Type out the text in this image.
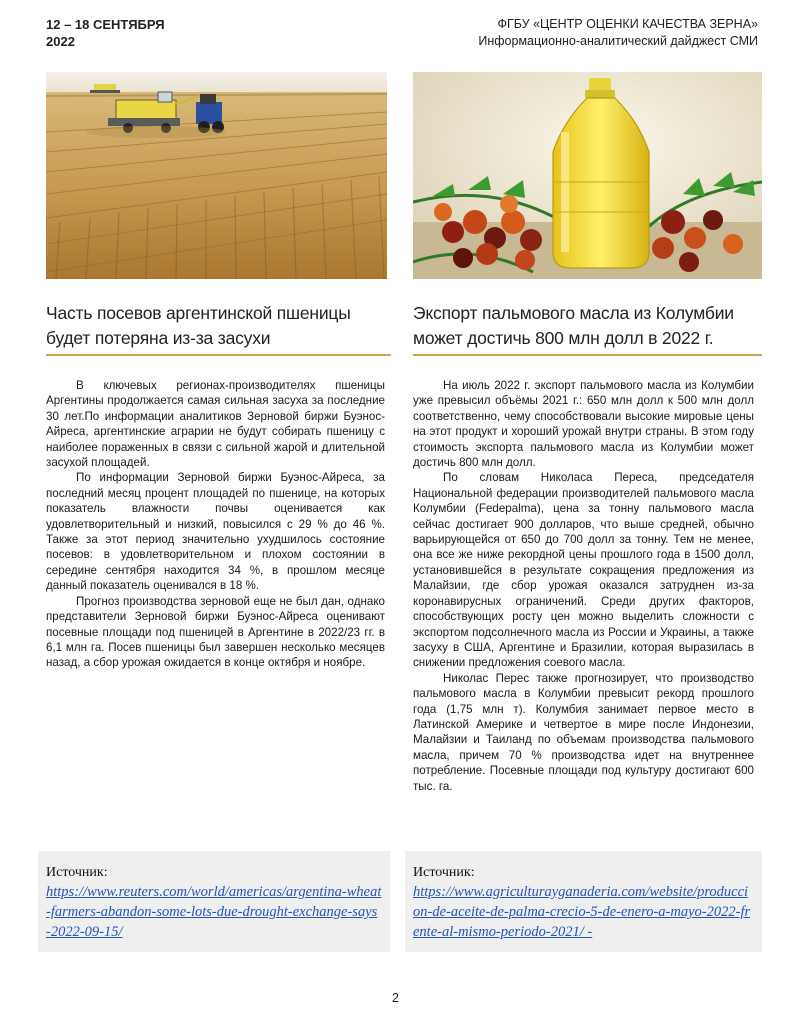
12 – 18 СЕНТЯБРЯ
2022
ФГБУ «ЦЕНТР ОЦЕНКИ КАЧЕСТВА ЗЕРНА»
Информационно-аналитический дайджест СМИ
Часть посевов аргентинской пшеницы
будет потеряна из-за засухи
Экспорт пальмового масла из Колумбии
может достичь 800 млн долл в 2022 г.

В ключевых регионах-производителях пшеницы Аргентины продолжается самая сильная засуха за последние 30 лет.По информации аналитиков Зерновой биржи Буэнос-Айреса, аргентинские аграрии не будут собирать пшеницу с наиболее пораженных в связи с сильной жарой и длительной засухой площадей.

По информации Зерновой биржи Буэнос-Айреса, за последний месяц процент площадей по пшенице, на которых показатель влажности почвы оценивается как удовлетворительный и низкий, повысился с 29 % до 46 %. Также за этот период значительно ухудшилось состояние посевов: в удовлетворительном и плохом состоянии в середине сентября находится 34 %, в прошлом месяце данный показатель оценивался в 18 %.

Прогноз производства зерновой еще не был дан, однако представители Зерновой биржи Буэнос-Айреса оценивают посевные площади под пшеницей в Аргентине в 2022/23 гг. в 6,1 млн га. Посев пшеницы был завершен несколько месяцев назад, а сбор урожая ожидается в конце октября и ноябре.

На июль 2022 г. экспорт пальмового масла из Колумбии уже превысил объёмы 2021 г.: 650 млн долл к 500 млн долл соответственно, чему способствовали высокие мировые цены на этот продукт и хороший урожай внутри страны. В этом году стоимость экспорта пальмового масла из Колумбии может достичь 800 млн долл.

По словам Николаса Переса, председателя Национальной федерации производителей пальмового масла Колумбии (Fedepalma), цена за тонну пальмового масла сейчас достигает 900 долларов, что выше средней, обычно варьирующейся от 650 до 700 долл за тонну. Тем не менее, она все же ниже рекордной цены прошлого года в 1500 долл, установившейся в результате сокращения предложения из Малайзии, где сбор урожая оказался затруднен из-за коронавирусных ограничений. Среди других факторов, способствующих росту цен можно выделить сложности с экспортом подсолнечного масла из России и Украины, а также засуху в США, Аргентине и Бразилии, которая выразилась в снижении предложения соевого масла.

Николас Перес также прогнозирует, что производство пальмового масла в Колумбии превысит рекорд прошлого года (1,75 млн т). Колумбия занимает первое место в Латинской Америке и четвертое в мире после Индонезии, Малайзии и Таиланд по объемам производства пальмового масла, причем 70 % производства идет на внутреннее потребление. Посевные площади под культуру достигают 600 тыс. га.

Источник:
https://www.reuters.com/world/americas/argentina-wheat-farmers-abandon-some-lots-due-drought-exchange-says-2022-09-15/
Источник:
https://www.agriculturayganaderia.com/website/produccion-de-aceite-de-palma-crecio-5-de-enero-a-mayo-2022-frente-al-mismo-periodo-2021/ -
2
